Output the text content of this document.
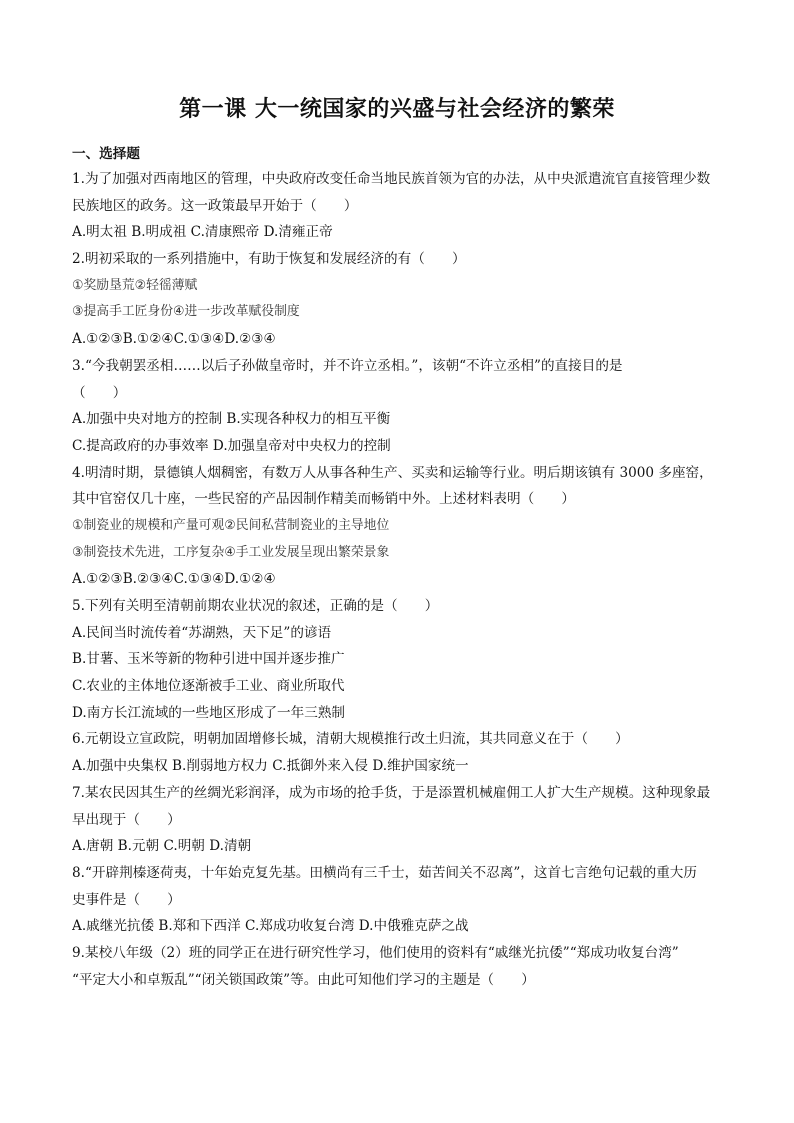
第一课 大一统国家的兴盛与社会经济的繁荣
一、选择题
1.为了加强对西南地区的管理，中央政府改变任命当地民族首领为官的办法，从中央派遣流官直接管理少数
民族地区的政务。这一政策最早开始于（　　）
A.明太祖 B.明成祖 C.清康熙帝 D.清雍正帝
2.明初采取的一系列措施中，有助于恢复和发展经济的有（　　）
①奖励垦荒②轻徭薄赋
③提高手工匠身份④进一步改革赋役制度
A.①②③B.①②④C.①③④D.②③④
3.“今我朝罢丞相……以后子孙做皇帝时，并不许立丞相。”，该朝“不许立丞相”的直接目的是
（　　）
A.加强中央对地方的控制 B.实现各种权力的相互平衡
C.提高政府的办事效率 D.加强皇帝对中央权力的控制
4.明清时期，景德镇人烟稠密，有数万人从事各种生产、买卖和运输等行业。明后期该镇有 3000 多座窑，
其中官窑仅几十座，一些民窑的产品因制作精美而畅销中外。上述材料表明（　　）
①制瓷业的规模和产量可观②民间私营制瓷业的主导地位
③制瓷技术先进，工序复杂④手工业发展呈现出繁荣景象
A.①②③B.②③④C.①③④D.①②④
5.下列有关明至清朝前期农业状况的叙述，正确的是（　　）
A.民间当时流传着“苏湖熟，天下足”的谚语
B.甘薯、玉米等新的物种引进中国并逐步推广
C.农业的主体地位逐渐被手工业、商业所取代
D.南方长江流域的一些地区形成了一年三熟制
6.元朝设立宣政院，明朝加固增修长城，清朝大规模推行改土归流，其共同意义在于（　　）
A.加强中央集权 B.削弱地方权力 C.抵御外来入侵 D.维护国家统一
7.某农民因其生产的丝绸光彩润泽，成为市场的抢手货，于是添置机械雇佣工人扩大生产规模。这种现象最
早出现于（　　）
A.唐朝 B.元朝 C.明朝 D.清朝
8.“开辟荆榛逐荷夷，十年始克复先基。田横尚有三千士，茹苦间关不忍离”，这首七言绝句记载的重大历
史事件是（　　）
A.戚继光抗倭 B.郑和下西洋 C.郑成功收复台湾 D.中俄雅克萨之战
9.某校八年级（2）班的同学正在进行研究性学习，他们使用的资料有“戚继光抗倭”“郑成功收复台湾”
“平定大小和卓叛乱”“闭关锁国政策”等。由此可知他们学习的主题是（　　）
